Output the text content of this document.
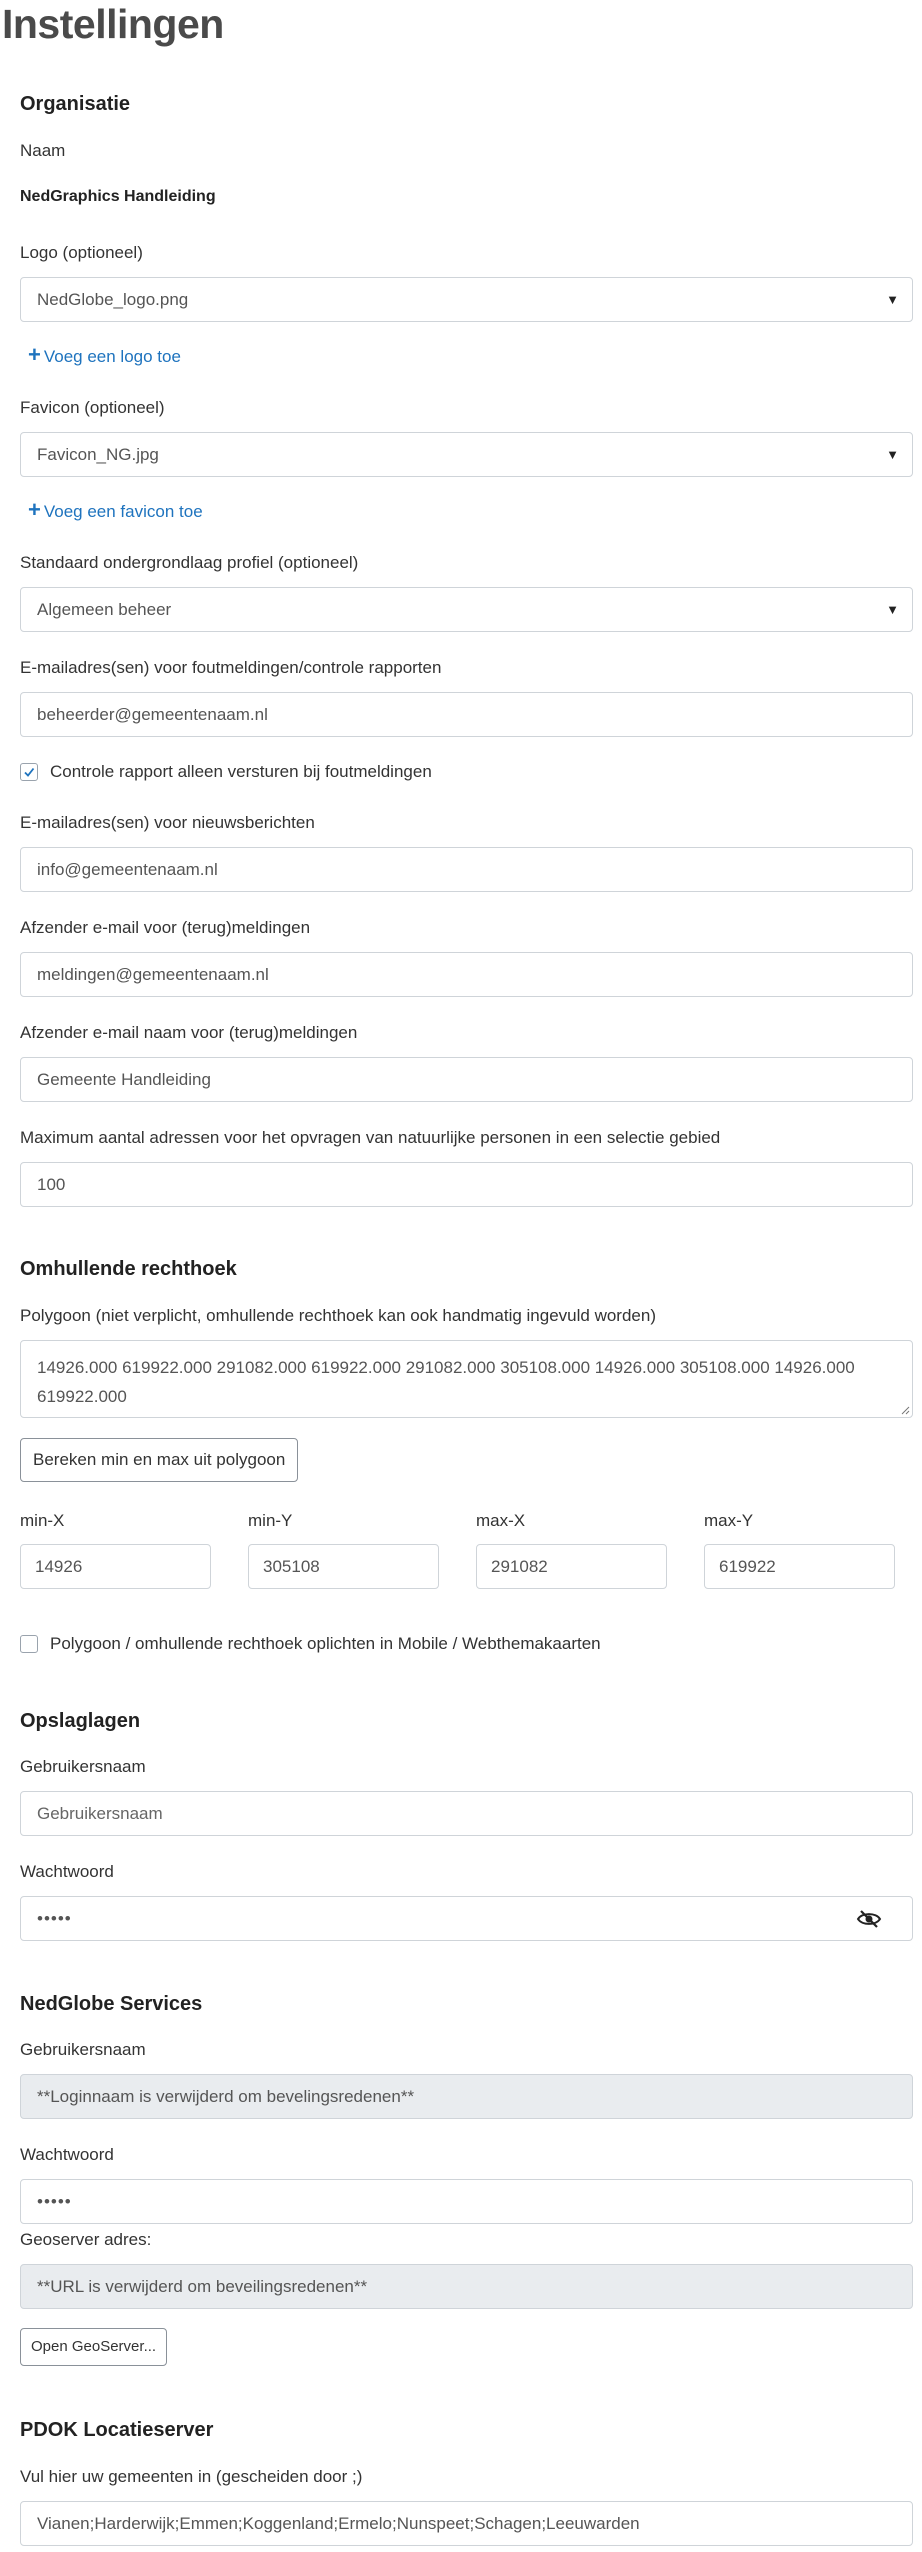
Instellingen
Organisatie
Naam
NedGraphics Handleiding
Logo (optioneel)
NedGlobe_logo.png	▼
+ Voeg een logo toe
Favicon (optioneel)
Favicon_NG.jpg	▼
+ Voeg een favicon toe
Standaard ondergrondlaag profiel (optioneel)
Algemeen beheer	▼
E-mailadres(sen) voor foutmeldingen/controle rapporten
beheerder@gemeentenaam.nl
Controle rapport alleen versturen bij foutmeldingen
E-mailadres(sen) voor nieuwsberichten
info@gemeentenaam.nl
Afzender e-mail voor (terug)meldingen
meldingen@gemeentenaam.nl
Afzender e-mail naam voor (terug)meldingen
Gemeente Handleiding
Maximum aantal adressen voor het opvragen van natuurlijke personen in een selectie gebied
100
Omhullende rechthoek
Polygoon (niet verplicht, omhullende rechthoek kan ook handmatig ingevuld worden)
14926.000 619922.000 291082.000 619922.000 291082.000 305108.000 14926.000 305108.000 14926.000 619922.000
Bereken min en max uit polygoon
min-X	min-Y	max-X	max-Y
14926	305108	291082	619922
Polygoon / omhullende rechthoek oplichten in Mobile / Webthemakaarten
Opslaglagen
Gebruikersnaam
Gebruikersnaam
Wachtwoord
•••••
NedGlobe Services
Gebruikersnaam
**Loginnaam is verwijderd om bevelingsredenen**
Wachtwoord
•••••
Geoserver adres:
**URL is verwijderd om beveilingsredenen**
Open GeoServer...
PDOK Locatieserver
Vul hier uw gemeenten in (gescheiden door ;)
Vianen;Harderwijk;Emmen;Koggenland;Ermelo;Nunspeet;Schagen;Leeuwarden
